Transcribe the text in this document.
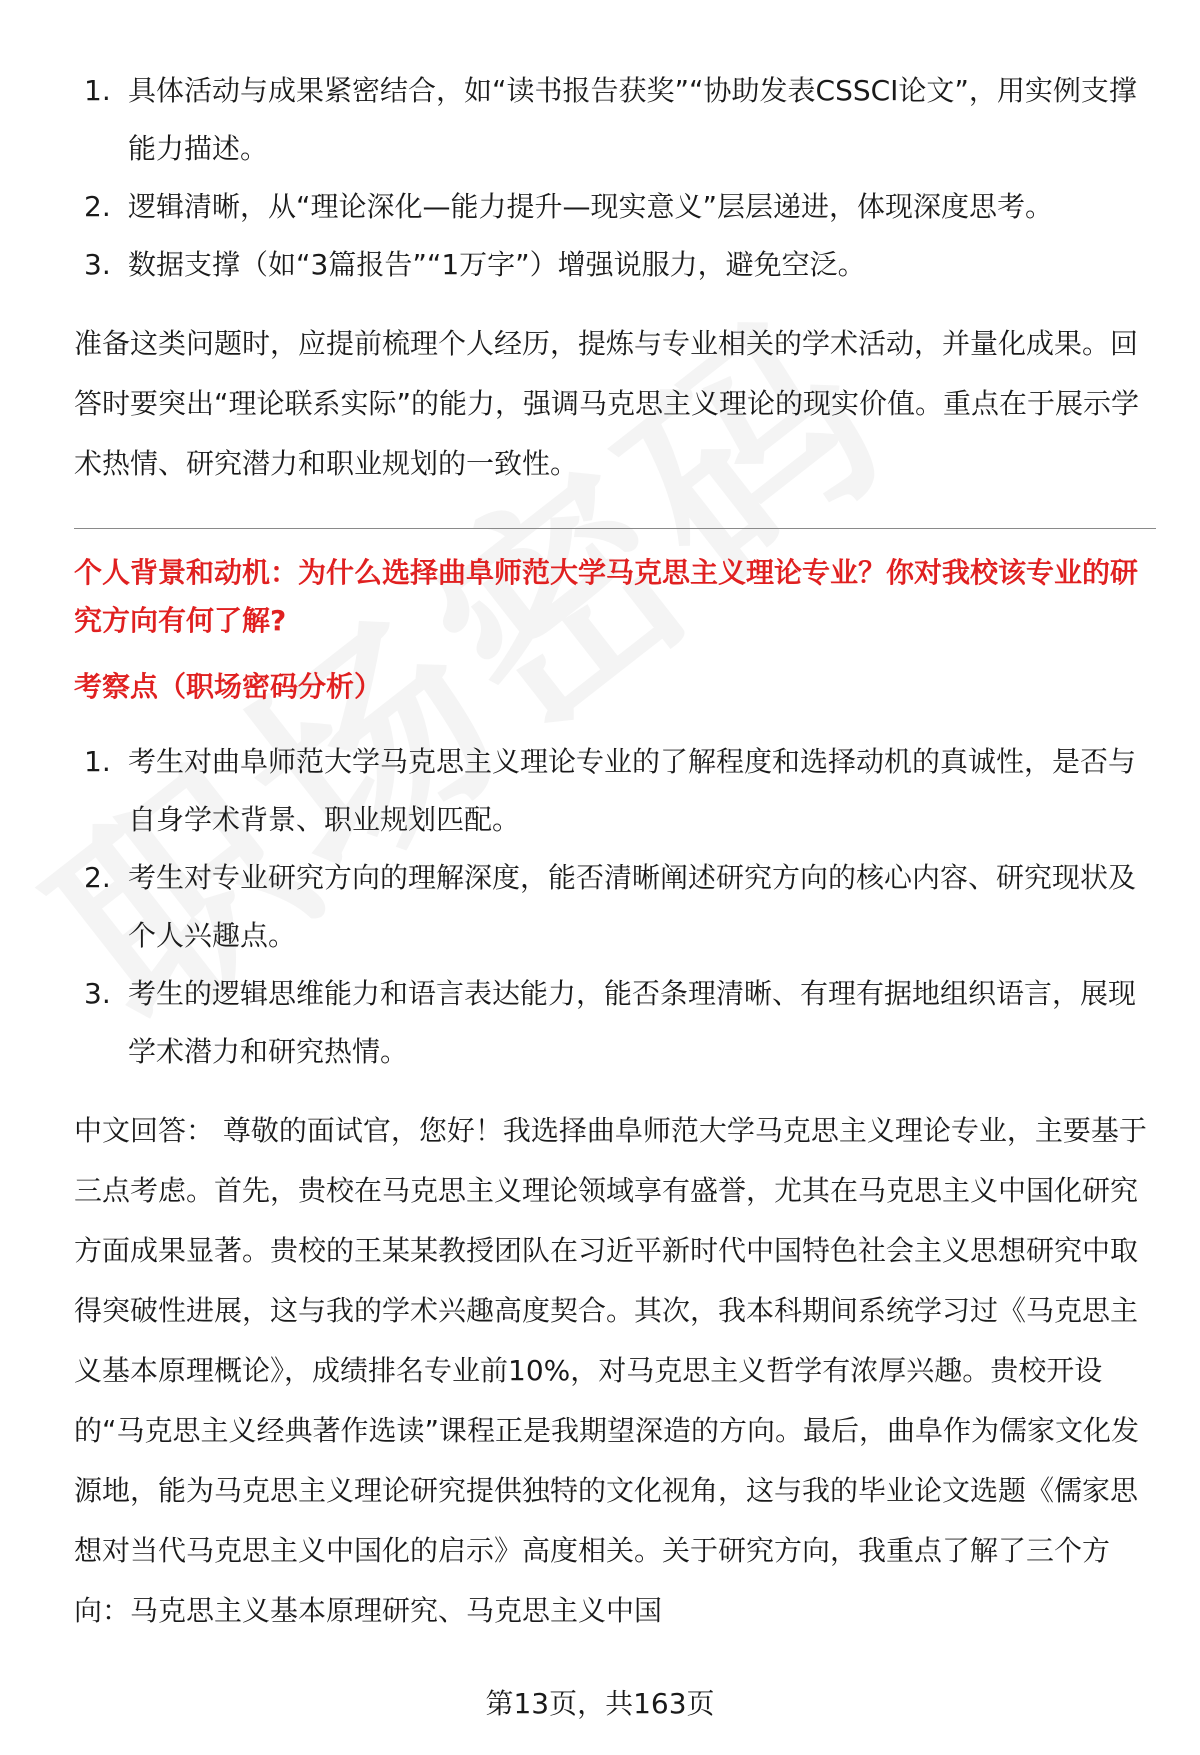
1. 具体活动与成果紧密结合，如“读书报告获奖”“协助发表CSSCI论文”，用实例支撑能力描述。
2. 逻辑清晰，从“理论深化—能力提升—现实意义”层层递进，体现深度思考。
3. 数据支撑（如“3篇报告”“1万字”）增强说服力，避免空泛。

准备这类问题时，应提前梳理个人经历，提炼与专业相关的学术活动，并量化成果。回答时要突出“理论联系实际”的能力，强调马克思主义理论的现实价值。重点在于展示学术热情、研究潜力和职业规划的一致性。

个人背景和动机：为什么选择曲阜师范大学马克思主义理论专业？你对我校该专业的研究方向有何了解?

考察点（职场密码分析）

1. 考生对曲阜师范大学马克思主义理论专业的了解程度和选择动机的真诚性，是否与自身学术背景、职业规划匹配。
2. 考生对专业研究方向的理解深度，能否清晰阐述研究方向的核心内容、研究现状及个人兴趣点。
3. 考生的逻辑思维能力和语言表达能力，能否条理清晰、有理有据地组织语言，展现学术潜力和研究热情。

中文回答： 尊敬的面试官，您好！我选择曲阜师范大学马克思主义理论专业，主要基于三点考虑。首先，贵校在马克思主义理论领域享有盛誉，尤其在马克思主义中国化研究方面成果显著。贵校的王某某教授团队在习近平新时代中国特色社会主义思想研究中取得突破性进展，这与我的学术兴趣高度契合。其次，我本科期间系统学习过《马克思主义基本原理概论》，成绩排名专业前10%，对马克思主义哲学有浓厚兴趣。贵校开设的“马克思主义经典著作选读”课程正是我期望深造的方向。最后，曲阜作为儒家文化发源地，能为马克思主义理论研究提供独特的文化视角，这与我的毕业论文选题《儒家思想对当代马克思主义中国化的启示》高度相关。关于研究方向，我重点了解了三个方向：马克思主义基本原理研究、马克思主义中国

第13页，共163页
